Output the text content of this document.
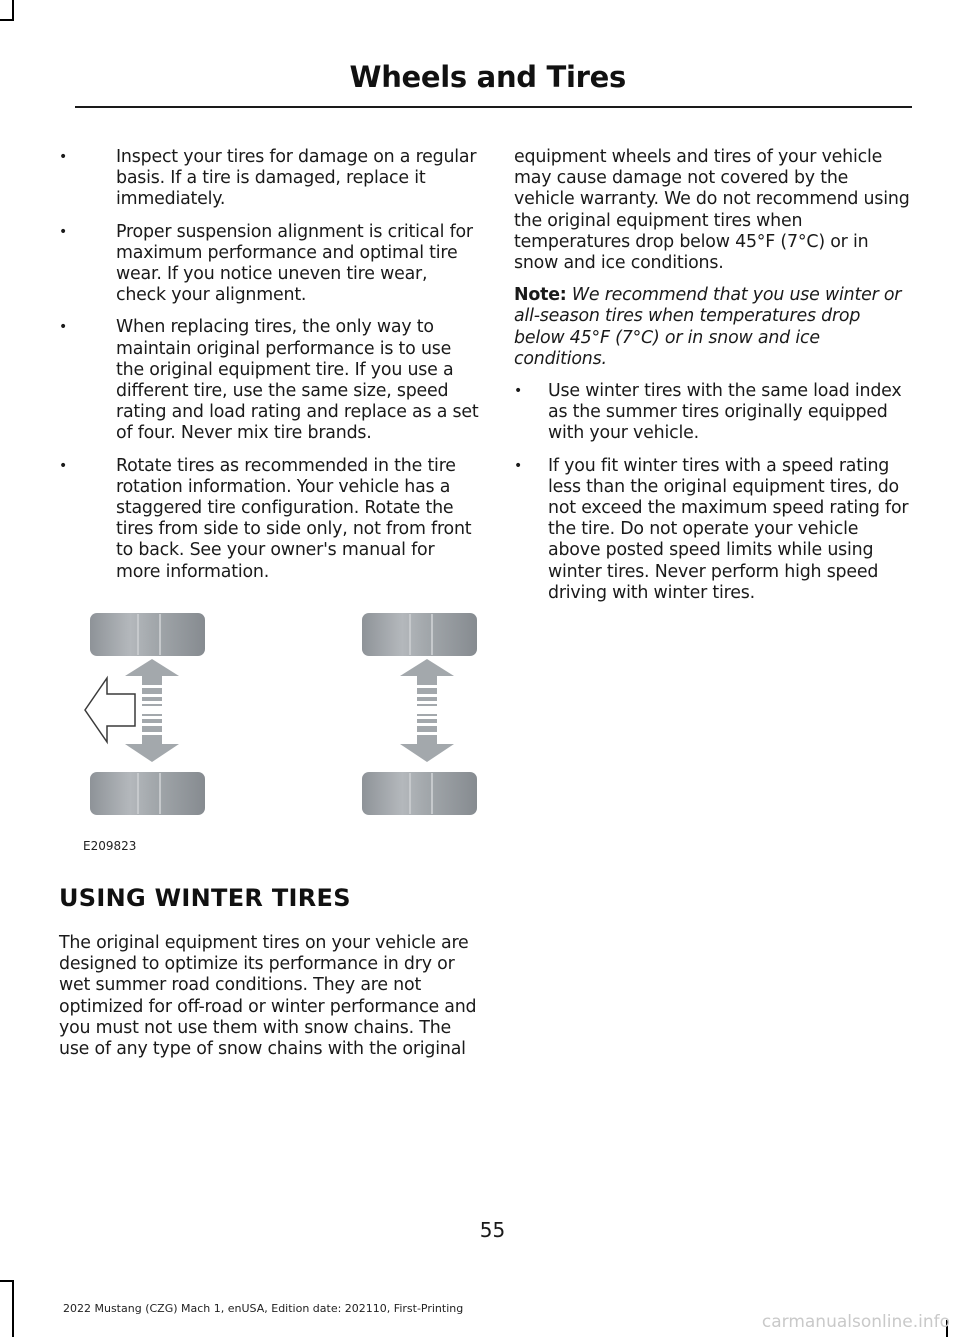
Wheels and Tires
• Inspect your tires for damage on a regular basis. If a tire is damaged, replace it immediately.
• Proper suspension alignment is critical for maximum performance and optimal tire wear. If you notice uneven tire wear, check your alignment.
• When replacing tires, the only way to maintain original performance is to use the original equipment tire. If you use a different tire, use the same size, speed rating and load rating and replace as a set of four. Never mix tire brands.
• Rotate tires as recommended in the tire rotation information. Your vehicle has a staggered tire configuration. Rotate the tires from side to side only, not from front to back. See your owner's manual for more information.
E209823
USING WINTER TIRES
The original equipment tires on your vehicle are designed to optimize its performance in dry or wet summer road conditions. They are not optimized for off-road or winter performance and you must not use them with snow chains. The use of any type of snow chains with the original

equipment wheels and tires of your vehicle may cause damage not covered by the vehicle warranty. We do not recommend using the original equipment tires when temperatures drop below 45°F (7°C) or in snow and ice conditions.

Note: We recommend that you use winter or all-season tires when temperatures drop below 45°F (7°C) or in snow and ice conditions.

• Use winter tires with the same load index as the summer tires originally equipped with your vehicle.
• If you fit winter tires with a speed rating less than the original equipment tires, do not exceed the maximum speed rating for the tire. Do not operate your vehicle above posted speed limits while using winter tires. Never perform high speed driving with winter tires.
55
2022 Mustang (CZG) Mach 1, enUSA, Edition date: 202110, First-Printing
carmanualsonline.info
